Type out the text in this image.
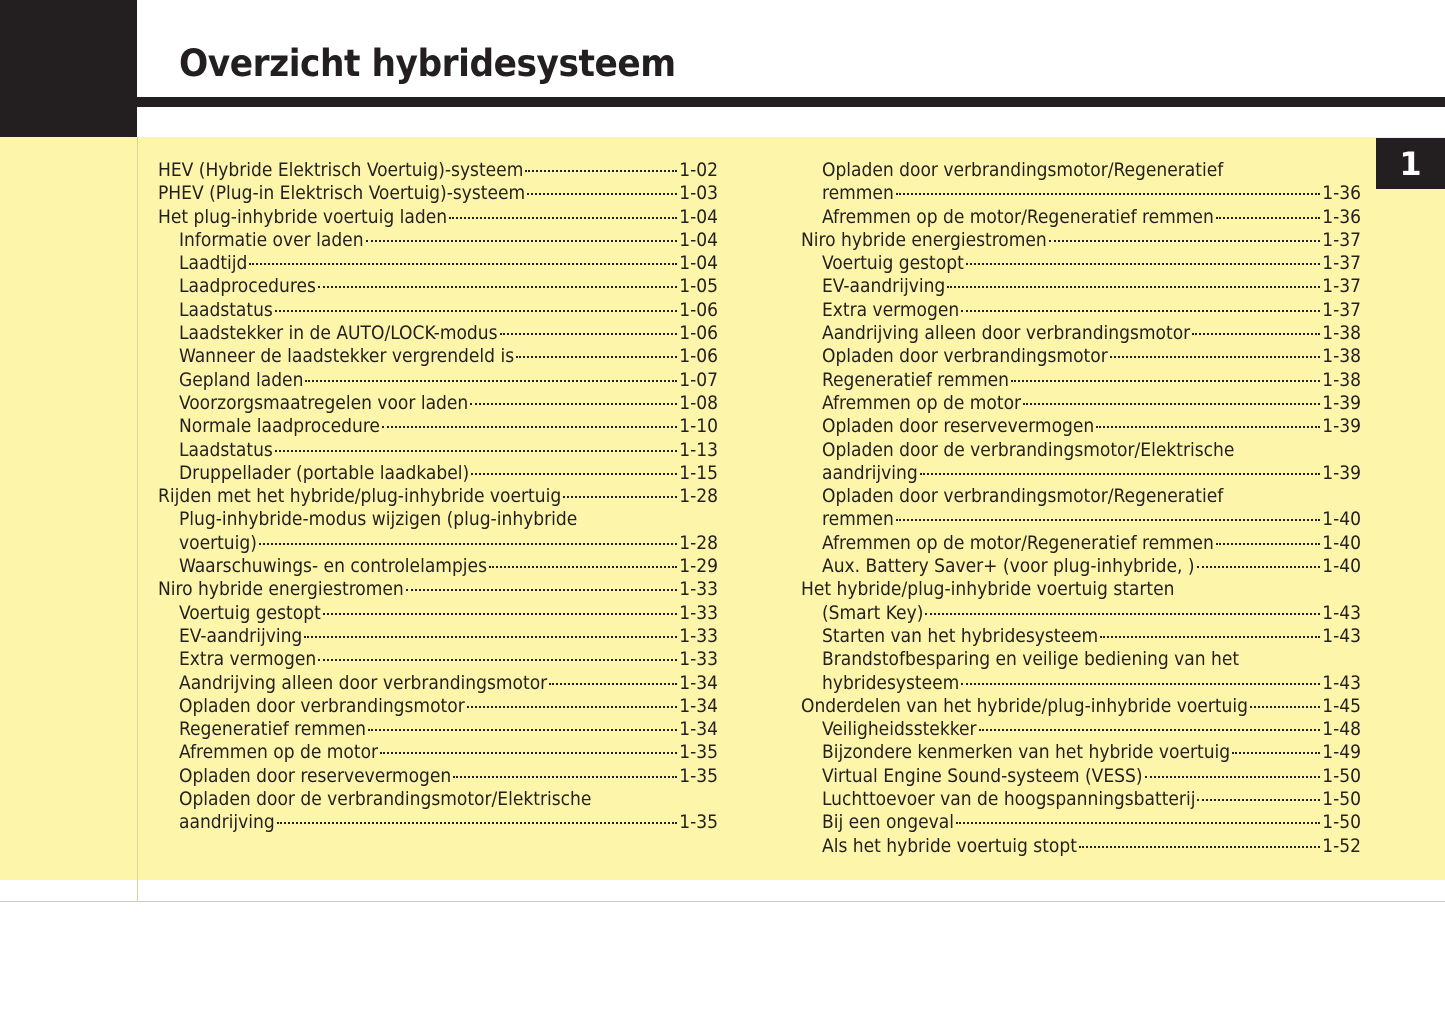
Overzicht hybridesysteem
1
HEV (Hybride Elektrisch Voertuig)-systeem	1-02
PHEV (Plug-in Elektrisch Voertuig)-systeem	1-03
Het plug-inhybride voertuig laden	1-04
Informatie over laden	1-04
Laadtijd	1-04
Laadprocedures	1-05
Laadstatus	1-06
Laadstekker in de AUTO/LOCK-modus	1-06
Wanneer de laadstekker vergrendeld is	1-06
Gepland laden	1-07
Voorzorgsmaatregelen voor laden	1-08
Normale laadprocedure	1-10
Laadstatus	1-13
Druppellader (portable laadkabel)	1-15
Rijden met het hybride/plug-inhybride voertuig	1-28
Plug-inhybride-modus wijzigen (plug-inhybride
voertuig)	1-28
Waarschuwings- en controlelampjes	1-29
Niro hybride energiestromen	1-33
Voertuig gestopt	1-33
EV-aandrijving	1-33
Extra vermogen	1-33
Aandrijving alleen door verbrandingsmotor	1-34
Opladen door verbrandingsmotor	1-34
Regeneratief remmen	1-34
Afremmen op de motor	1-35
Opladen door reservevermogen	1-35
Opladen door de verbrandingsmotor/Elektrische
aandrijving	1-35
Opladen door verbrandingsmotor/Regeneratief
remmen	1-36
Afremmen op de motor/Regeneratief remmen	1-36
Niro hybride energiestromen	1-37
Voertuig gestopt	1-37
EV-aandrijving	1-37
Extra vermogen	1-37
Aandrijving alleen door verbrandingsmotor	1-38
Opladen door verbrandingsmotor	1-38
Regeneratief remmen	1-38
Afremmen op de motor	1-39
Opladen door reservevermogen	1-39
Opladen door de verbrandingsmotor/Elektrische
aandrijving	1-39
Opladen door verbrandingsmotor/Regeneratief
remmen	1-40
Afremmen op de motor/Regeneratief remmen	1-40
Aux. Battery Saver+ (voor plug-inhybride, )	1-40
Het hybride/plug-inhybride voertuig starten
(Smart Key)	1-43
Starten van het hybridesysteem	1-43
Brandstofbesparing en veilige bediening van het
hybridesysteem	1-43
Onderdelen van het hybride/plug-inhybride voertuig	1-45
Veiligheidsstekker	1-48
Bijzondere kenmerken van het hybride voertuig	1-49
Virtual Engine Sound-systeem (VESS)	1-50
Luchttoevoer van de hoogspanningsbatterij	1-50
Bij een ongeval	1-50
Als het hybride voertuig stopt	1-52
